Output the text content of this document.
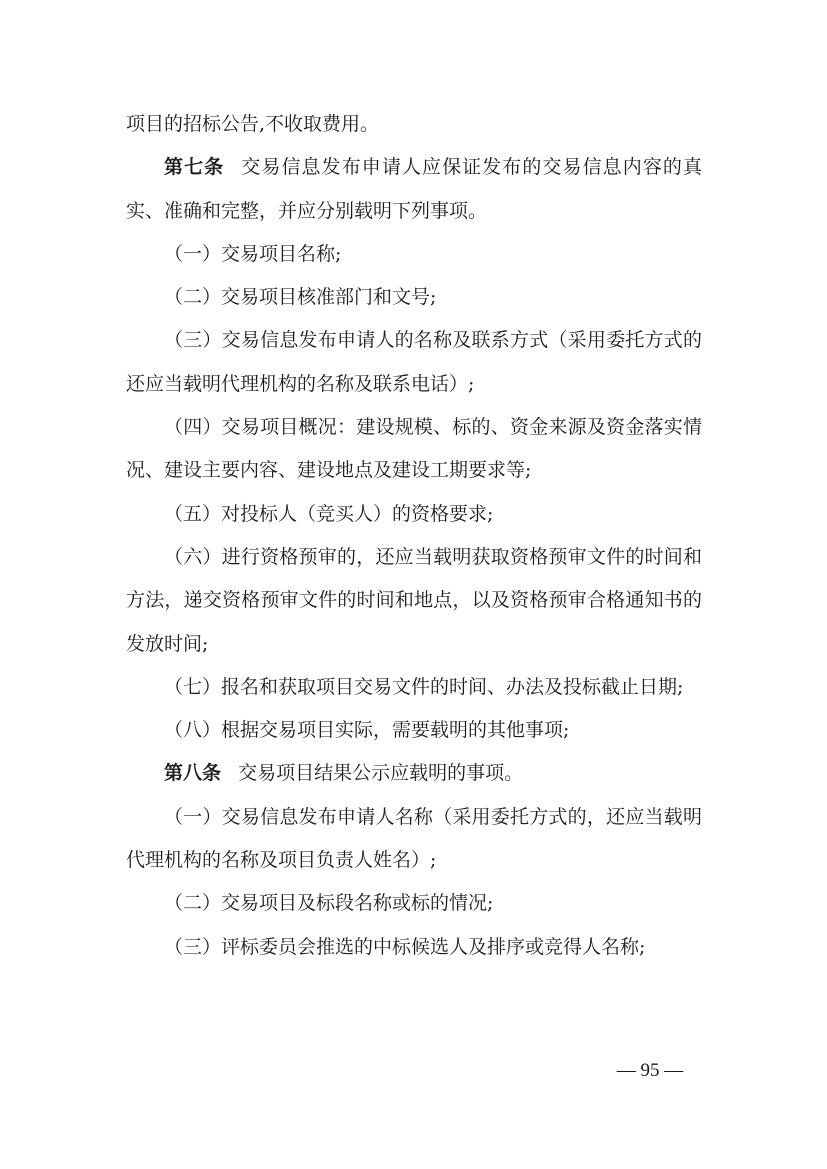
项目的招标公告,不收取费用。

第七条 交易信息发布申请人应保证发布的交易信息内容的真实、准确和完整，并应分别载明下列事项。

（一）交易项目名称;

（二）交易项目核准部门和文号;

（三）交易信息发布申请人的名称及联系方式（采用委托方式的还应当载明代理机构的名称及联系电话）;

（四）交易项目概况：建设规模、标的、资金来源及资金落实情况、建设主要内容、建设地点及建设工期要求等;

（五）对投标人（竞买人）的资格要求;

（六）进行资格预审的，还应当载明获取资格预审文件的时间和方法，递交资格预审文件的时间和地点，以及资格预审合格通知书的发放时间;

（七）报名和获取项目交易文件的时间、办法及投标截止日期;

（八）根据交易项目实际，需要载明的其他事项;

第八条 交易项目结果公示应载明的事项。

（一）交易信息发布申请人名称（采用委托方式的，还应当载明代理机构的名称及项目负责人姓名）;

（二）交易项目及标段名称或标的情况;

（三）评标委员会推选的中标候选人及排序或竞得人名称;

— 95 —
